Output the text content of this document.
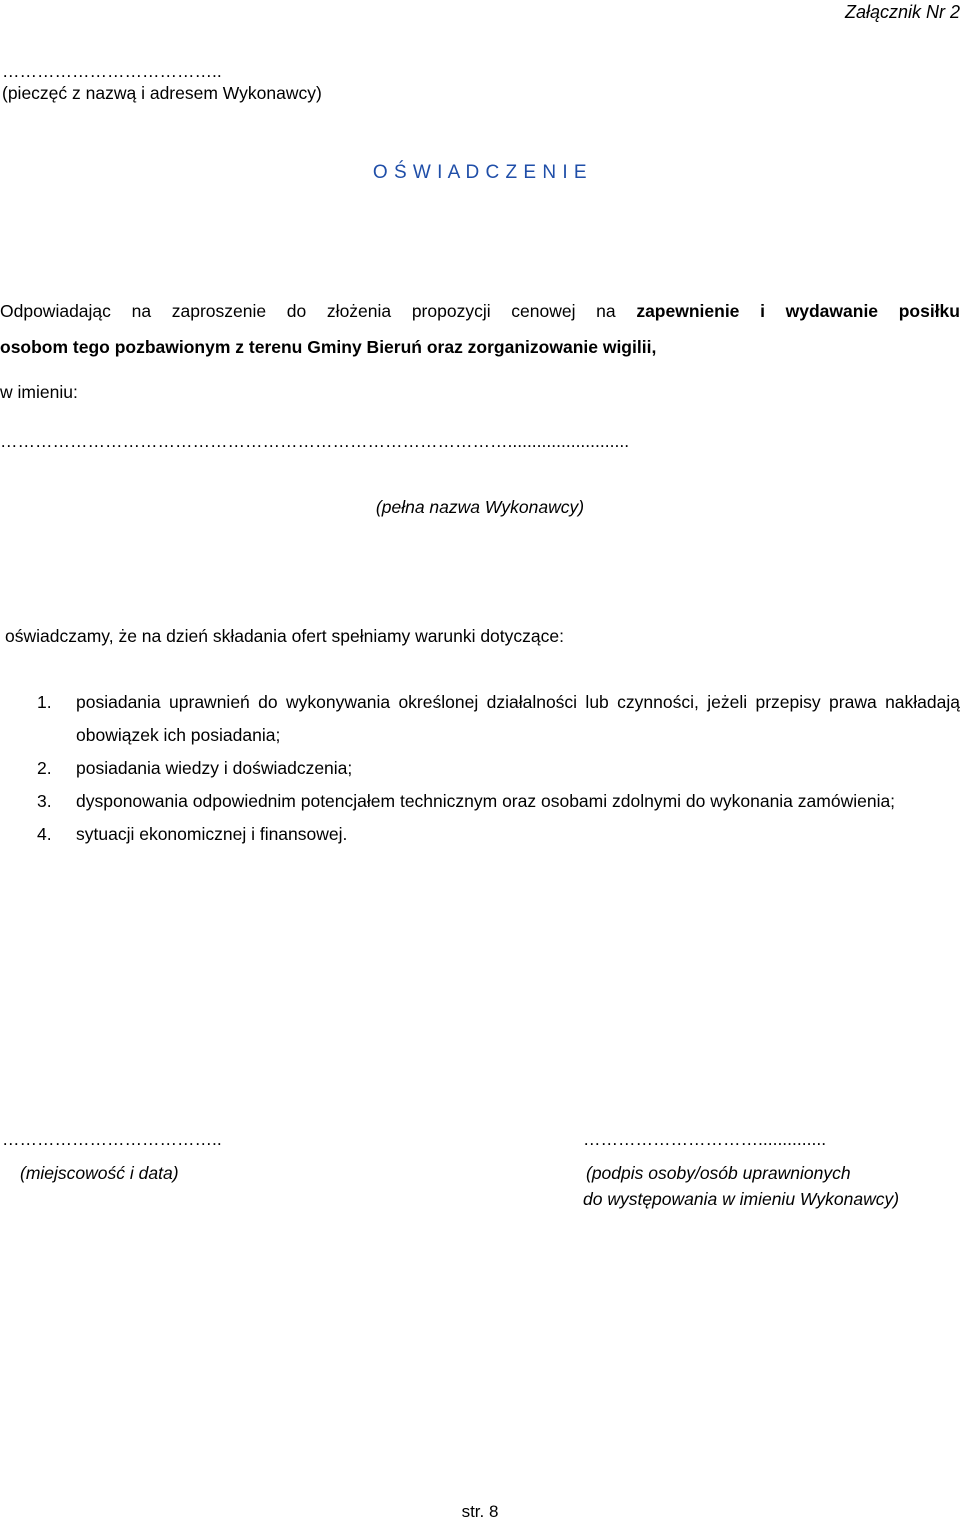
Załącznik Nr 2
………………………………..
(pieczęć z nazwą i adresem Wykonawcy)
O Ś W I A D C Z E N I E
Odpowiadając na zaproszenie do złożenia propozycji cenowej na zapewnienie i wydawanie posiłku
osobom tego pozbawionym z terenu Gminy Bieruń oraz zorganizowanie wigilii,
w imieniu:
…………………………………………………………………………….........................
(pełna nazwa Wykonawcy)
oświadczamy, że na dzień składania ofert spełniamy warunki dotyczące:
1.	posiadania uprawnień do wykonywania określonej działalności lub czynności, jeżeli przepisy prawa nakładają obowiązek ich posiadania;
2.	posiadania wiedzy i doświadczenia;
3.	dysponowania odpowiednim potencjałem technicznym oraz osobami zdolnymi do wykonania zamówienia;
4.	sytuacji ekonomicznej i finansowej.
………………………………..
(miejscowość i data)
…………………………..............
(podpis osoby/osób uprawnionych
do występowania w imieniu Wykonawcy)
str. 8
